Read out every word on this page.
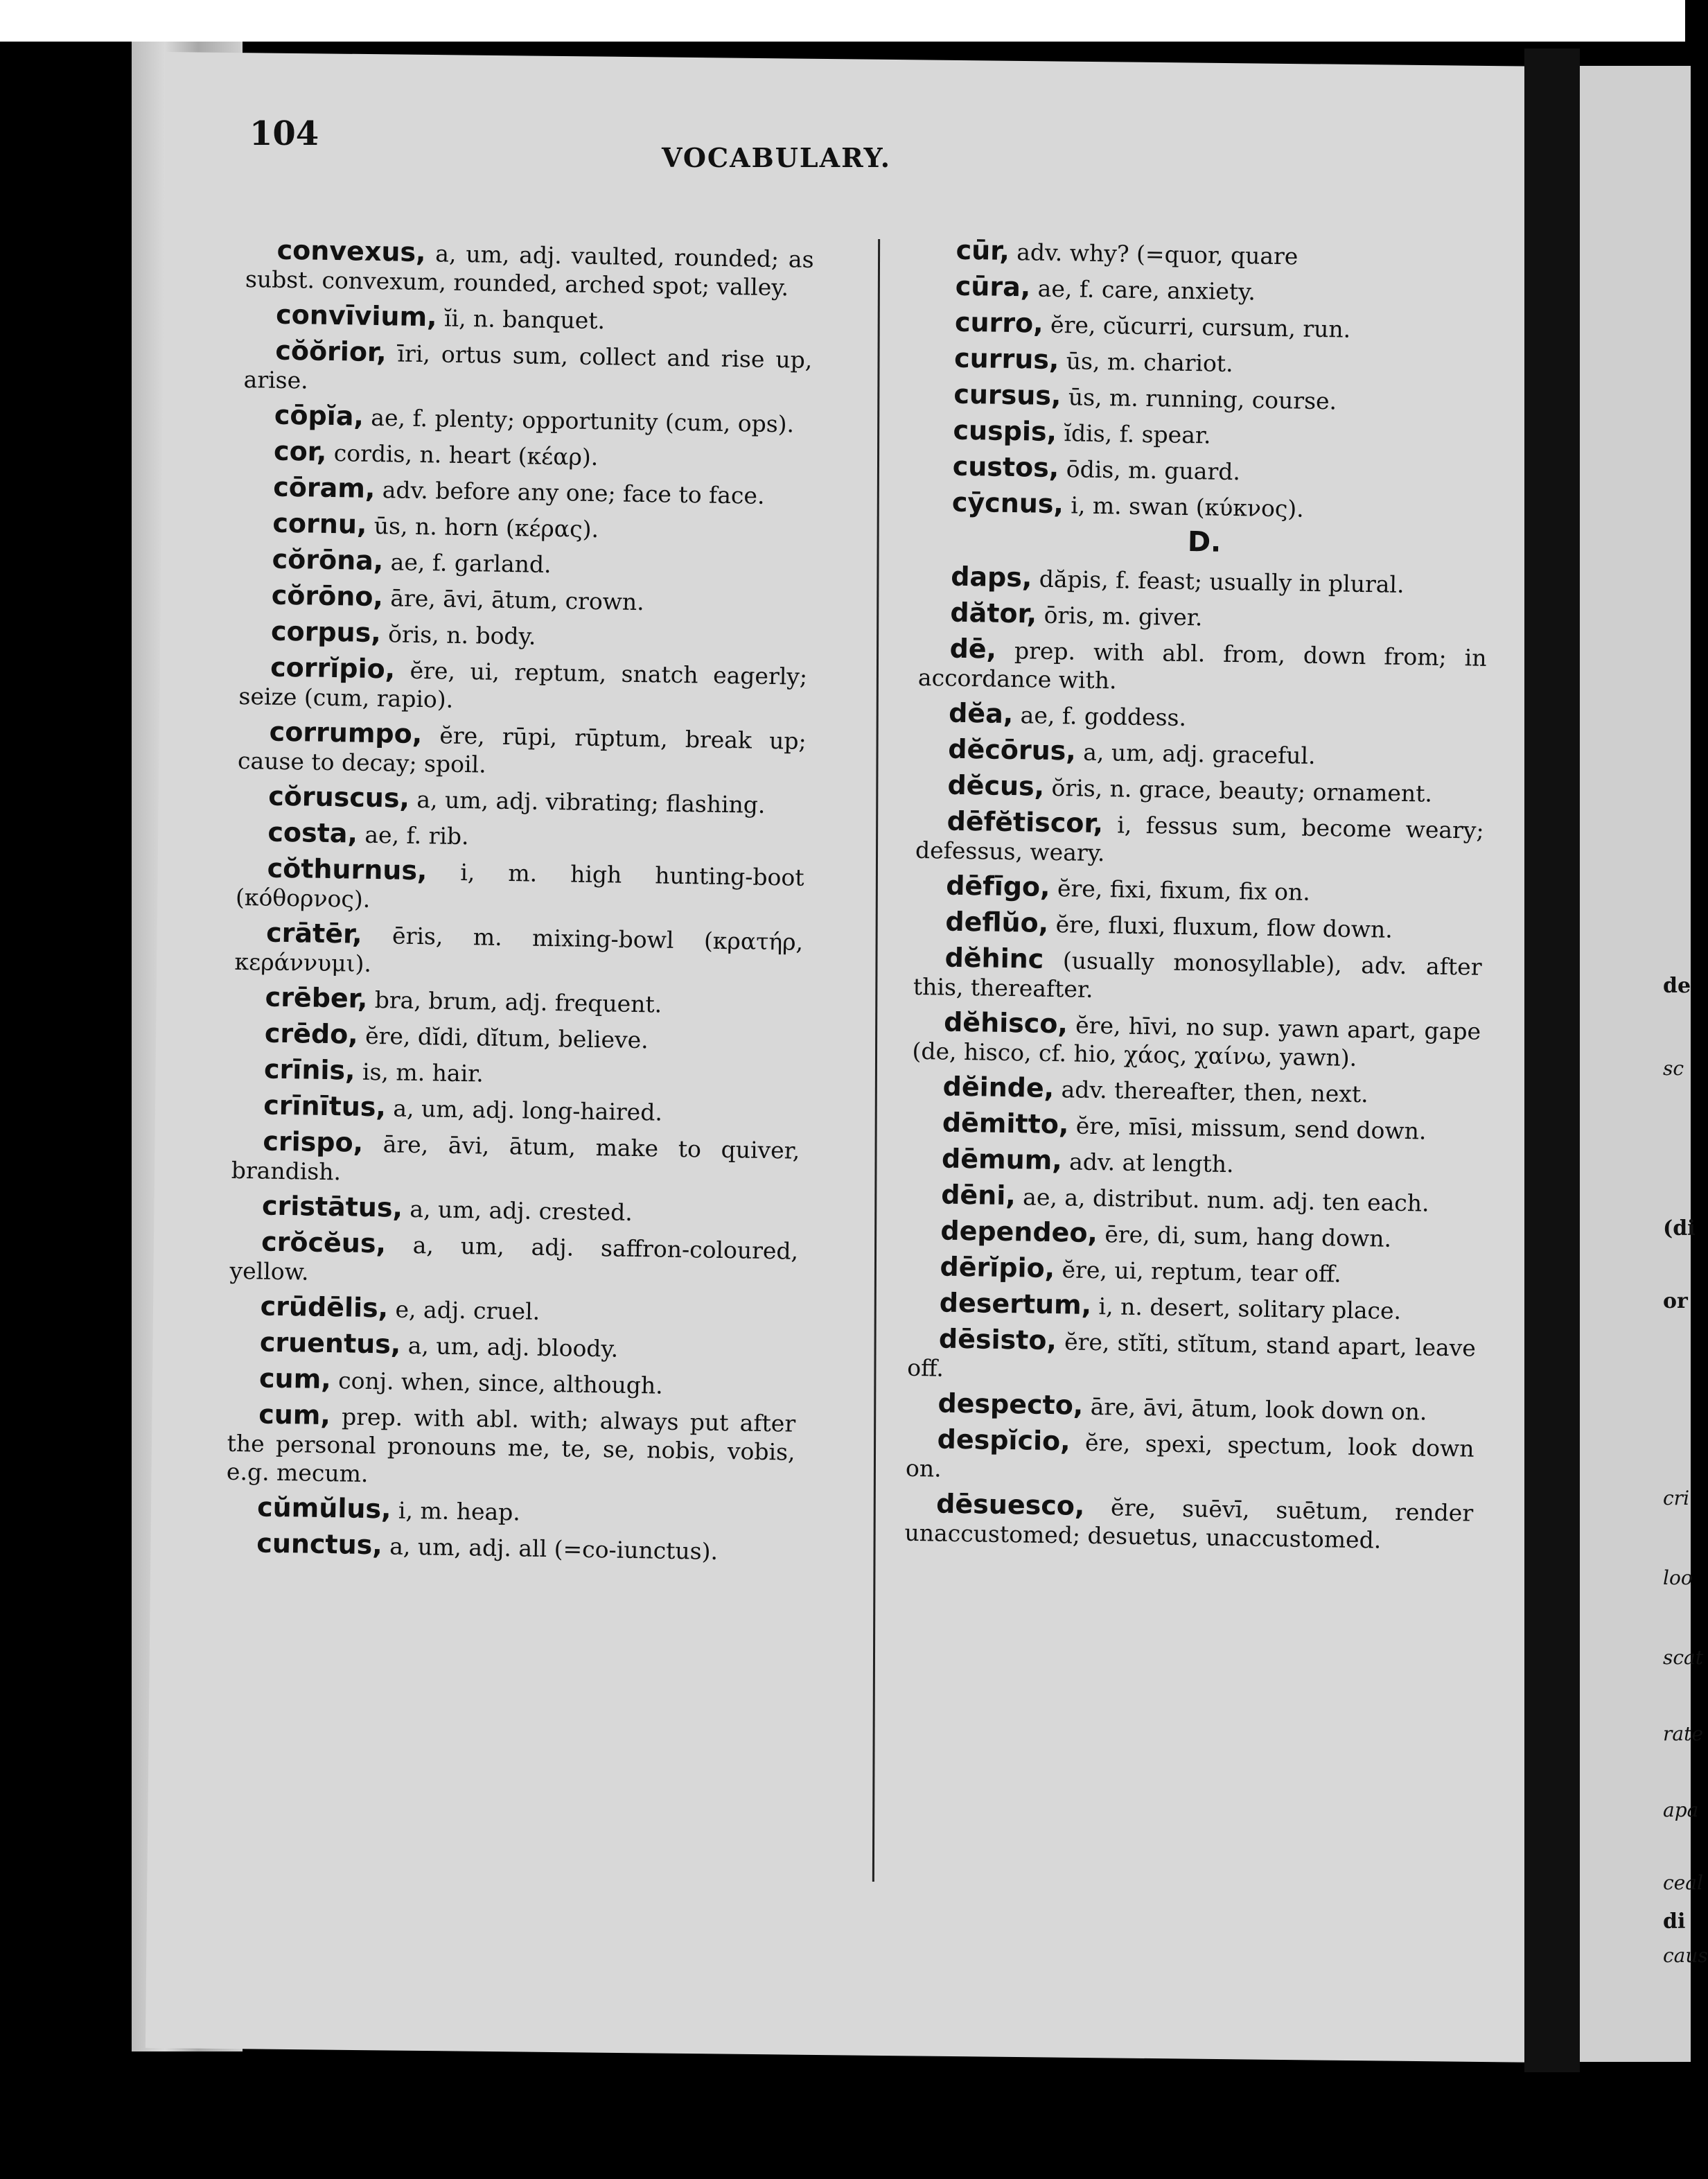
104
VOCABULARY.

convexus, a, um, adj. vaulted, rounded; as subst. convexum, rounded, arched spot; valley.

convīvium, ĭi, n. banquet.

cŏŏrior, īri, ortus sum, collect and rise up, arise.

cōpĭa, ae, f. plenty; opportunity (cum, ops).

cor, cordis, n. heart (κέαρ).

cōram, adv. before any one; face to face.

cornu, ūs, n. horn (κέρας).

cŏrōna, ae, f. garland.

cŏrōno, āre, āvi, ātum, crown.

corpus, ŏris, n. body.

corrĭpio, ĕre, ui, reptum, snatch eagerly; seize (cum, rapio).

corrumpo, ĕre, rūpi, rūptum, break up; cause to decay; spoil.

cŏruscus, a, um, adj. vibrating; flashing.

costa, ae, f. rib.

cŏthurnus, i, m. high hunting-boot (κόθορνος).

crātēr, ēris, m. mixing-bowl (κρατήρ, κεράννυμι).

crēber, bra, brum, adj. frequent.

crēdo, ĕre, dĭdi, dĭtum, believe.

crīnis, is, m. hair.

crīnītus, a, um, adj. long-haired.

crispo, āre, āvi, ātum, make to quiver, brandish.

cristātus, a, um, adj. crested.

crŏcĕus, a, um, adj. saffron-coloured, yellow.

crūdēlis, e, adj. cruel.

cruentus, a, um, adj. bloody.

cum, conj. when, since, although.

cum, prep. with abl. with; always put after the personal pronouns me, te, se, nobis, vobis, e.g. mecum.

cŭmŭlus, i, m. heap.

cunctus, a, um, adj. all (=co-iunctus).

cūr, adv. why? (=quor, quare

cūra, ae, f. care, anxiety.

curro, ĕre, cŭcurri, cursum, run.

currus, ūs, m. chariot.

cursus, ūs, m. running, course.

cuspis, ĭdis, f. spear.

custos, ōdis, m. guard.

cȳcnus, i, m. swan (κύκνος).

D.

daps, dăpis, f. feast; usually in plural.

dător, ōris, m. giver.

dē, prep. with abl. from, down from; in accordance with.

dĕa, ae, f. goddess.

dĕcōrus, a, um, adj. graceful.

dĕcus, ŏris, n. grace, beauty; ornament.

dēfĕtiscor, i, fessus sum, become weary; defessus, weary.

dēfīgo, ĕre, fixi, fixum, fix on.

deflŭo, ĕre, fluxi, fluxum, flow down.

dĕhinc (usually monosyllable), adv. after this, thereafter.

dĕhisco, ĕre, hīvi, no sup. yawn apart, gape (de, hisco, cf. hio, χάος, χαίνω, yawn).

dĕinde, adv. thereafter, then, next.

dēmitto, ĕre, mīsi, missum, send down.

dēmum, adv. at length.

dēni, ae, a, distribut. num. adj. ten each.

dependeo, ēre, di, sum, hang down.

dērĭpio, ĕre, ui, reptum, tear off.

desertum, i, n. desert, solitary place.

dēsisto, ĕre, stĭti, stĭtum, stand apart, leave off.

despecto, āre, āvi, ātum, look down on.

despĭcio, ĕre, spexi, spectum, look down on.

dēsuesco, ĕre, suēvī, suētum, render unaccustomed; desuetus, unaccustomed.

de
sc
(di
or
cri
loo
scat
rate
apa
ceal
di
caus
